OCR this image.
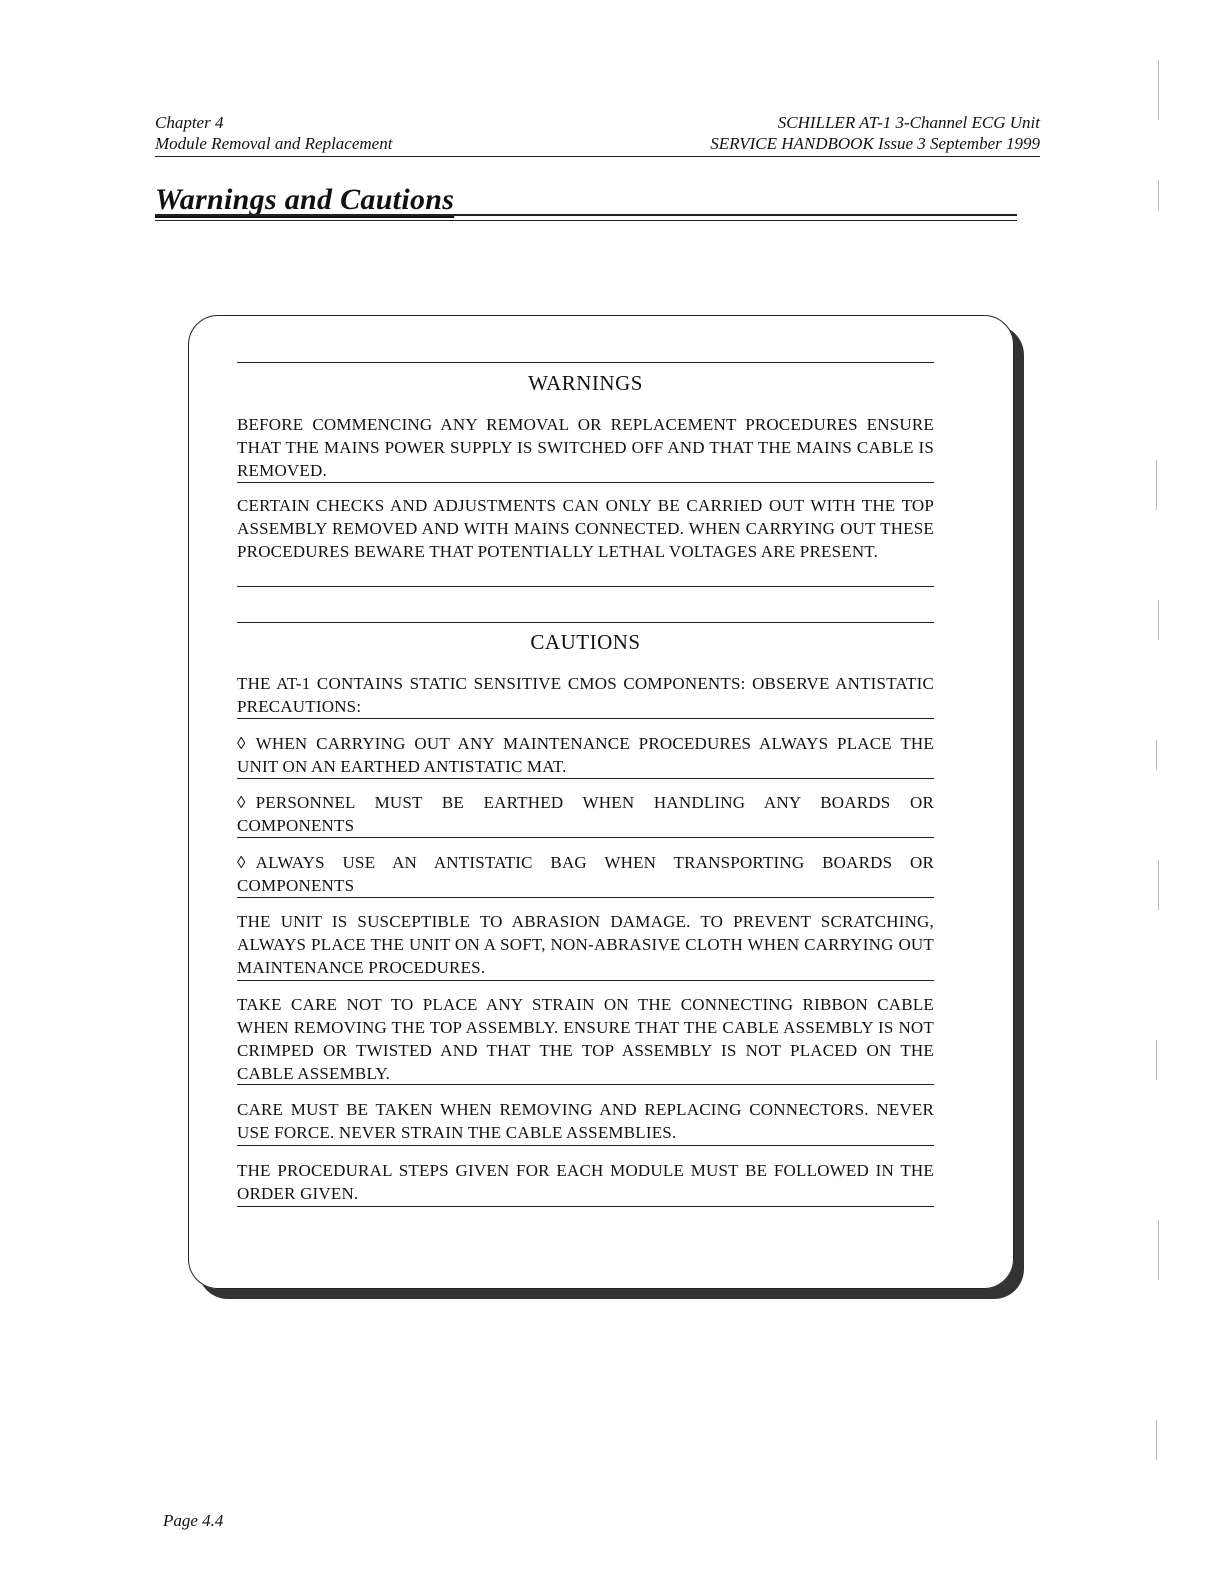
Chapter 4
Module Removal and Replacement
SCHILLER AT-1 3-Channel ECG Unit
SERVICE HANDBOOK Issue 3 September 1999
Warnings and Cautions
WARNINGS
BEFORE COMMENCING ANY REMOVAL OR REPLACEMENT PROCEDURES ENSURE THAT THE MAINS POWER SUPPLY IS SWITCHED OFF AND THAT THE MAINS CABLE IS REMOVED.
CERTAIN CHECKS AND ADJUSTMENTS CAN ONLY BE CARRIED OUT WITH THE TOP ASSEMBLY REMOVED AND WITH MAINS CONNECTED. WHEN CARRYING OUT THESE PROCEDURES BEWARE THAT POTENTIALLY LETHAL VOLTAGES ARE PRESENT.
CAUTIONS
THE AT-1 CONTAINS STATIC SENSITIVE CMOS COMPONENTS: OBSERVE ANTISTATIC PRECAUTIONS:
◊ WHEN CARRYING OUT ANY MAINTENANCE PROCEDURES ALWAYS PLACE THE UNIT ON AN EARTHED ANTISTATIC MAT.
◊ PERSONNEL MUST BE EARTHED WHEN HANDLING ANY BOARDS OR COMPONENTS
◊ ALWAYS USE AN ANTISTATIC BAG WHEN TRANSPORTING BOARDS OR COMPONENTS
THE UNIT IS SUSCEPTIBLE TO ABRASION DAMAGE. TO PREVENT SCRATCHING, ALWAYS PLACE THE UNIT ON A SOFT, NON-ABRASIVE CLOTH WHEN CARRYING OUT MAINTENANCE PROCEDURES.
TAKE CARE NOT TO PLACE ANY STRAIN ON THE CONNECTING RIBBON CABLE WHEN REMOVING THE TOP ASSEMBLY. ENSURE THAT THE CABLE ASSEMBLY IS NOT CRIMPED OR TWISTED AND THAT THE TOP ASSEMBLY IS NOT PLACED ON THE CABLE ASSEMBLY.
CARE MUST BE TAKEN WHEN REMOVING AND REPLACING CONNECTORS. NEVER USE FORCE. NEVER STRAIN THE CABLE ASSEMBLIES.
THE PROCEDURAL STEPS GIVEN FOR EACH MODULE MUST BE FOLLOWED IN THE ORDER GIVEN.
Page 4.4
